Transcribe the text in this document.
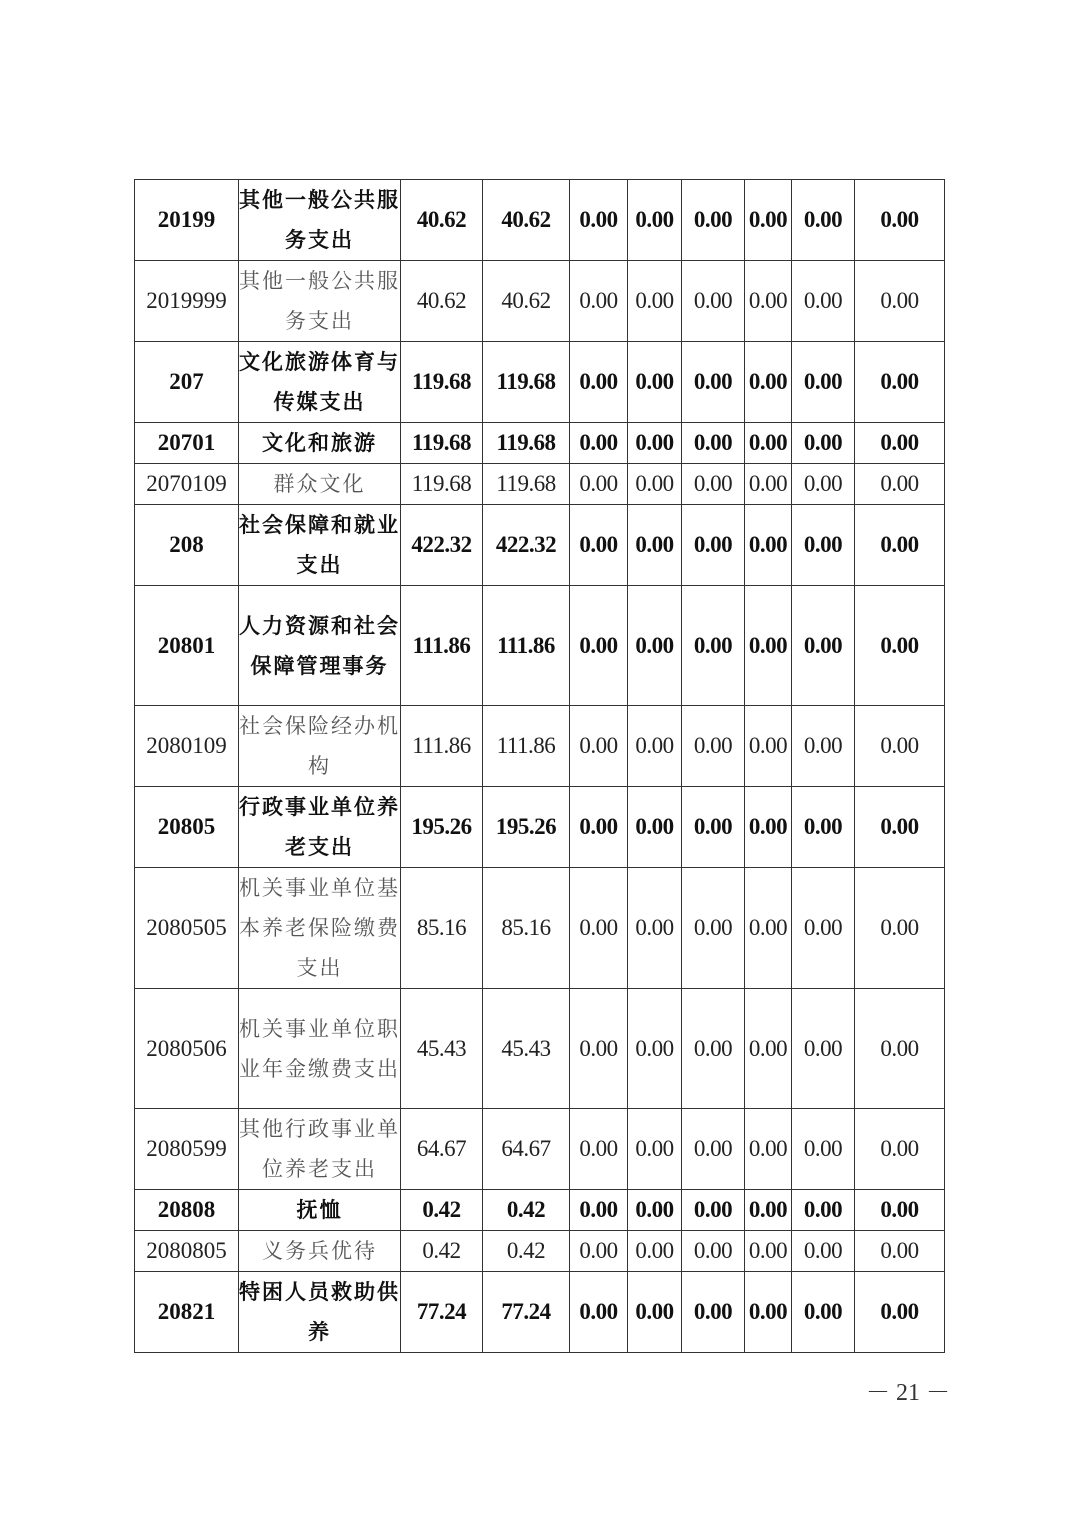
20199	其他一般公共服务支出	40.62	40.62	0.00	0.00	0.00	0.00	0.00	0.00
2019999	其他一般公共服务支出	40.62	40.62	0.00	0.00	0.00	0.00	0.00	0.00
207	文化旅游体育与传媒支出	119.68	119.68	0.00	0.00	0.00	0.00	0.00	0.00
20701	文化和旅游	119.68	119.68	0.00	0.00	0.00	0.00	0.00	0.00
2070109	群众文化	119.68	119.68	0.00	0.00	0.00	0.00	0.00	0.00
208	社会保障和就业支出	422.32	422.32	0.00	0.00	0.00	0.00	0.00	0.00
20801	人力资源和社会保障管理事务	111.86	111.86	0.00	0.00	0.00	0.00	0.00	0.00
2080109	社会保险经办机构	111.86	111.86	0.00	0.00	0.00	0.00	0.00	0.00
20805	行政事业单位养老支出	195.26	195.26	0.00	0.00	0.00	0.00	0.00	0.00
2080505	机关事业单位基本养老保险缴费支出	85.16	85.16	0.00	0.00	0.00	0.00	0.00	0.00
2080506	机关事业单位职业年金缴费支出	45.43	45.43	0.00	0.00	0.00	0.00	0.00	0.00
2080599	其他行政事业单位养老支出	64.67	64.67	0.00	0.00	0.00	0.00	0.00	0.00
20808	抚恤	0.42	0.42	0.00	0.00	0.00	0.00	0.00	0.00
2080805	义务兵优待	0.42	0.42	0.00	0.00	0.00	0.00	0.00	0.00
20821	特困人员救助供养	77.24	77.24	0.00	0.00	0.00	0.00	0.00	0.00
－ 21 －
